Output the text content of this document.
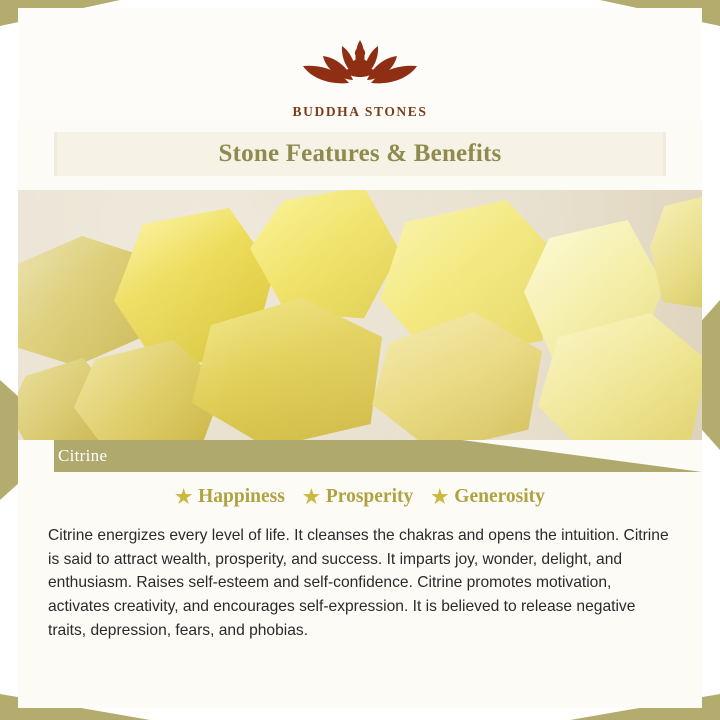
BUDDHA STONES
Stone Features & Benefits
Citrine
★ Happiness ★ Prosperity ★ Generosity

Citrine energizes every level of life. It cleanses the chakras and opens the intuition. Citrine is said to attract wealth, prosperity, and success. It imparts joy, wonder, delight, and enthusiasm. Raises self-esteem and self-confidence. Citrine promotes motivation, activates creativity, and encourages self-expression. It is believed to release negative traits, depression, fears, and phobias.
